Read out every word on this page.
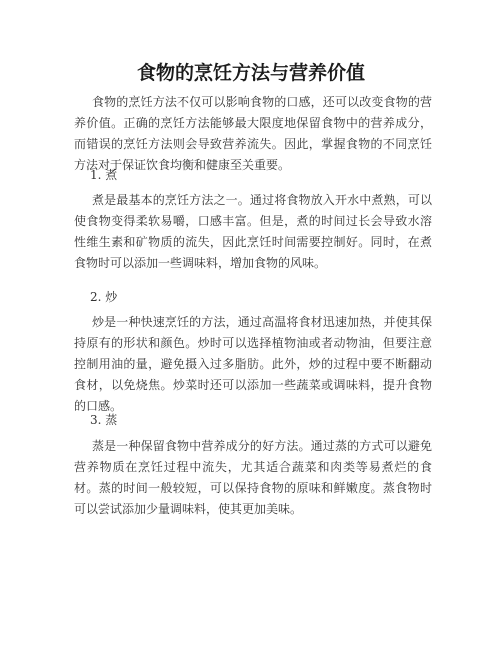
食物的烹饪方法与营养价值

食物的烹饪方法不仅可以影响食物的口感，还可以改变食物的营养价值。正确的烹饪方法能够最大限度地保留食物中的营养成分，而错误的烹饪方法则会导致营养流失。因此，掌握食物的不同烹饪方法对于保证饮食均衡和健康至关重要。

1. 煮

煮是最基本的烹饪方法之一。通过将食物放入开水中煮熟，可以使食物变得柔软易嚼，口感丰富。但是，煮的时间过长会导致水溶性维生素和矿物质的流失，因此烹饪时间需要控制好。同时，在煮食物时可以添加一些调味料，增加食物的风味。

2. 炒

炒是一种快速烹饪的方法，通过高温将食材迅速加热，并使其保持原有的形状和颜色。炒时可以选择植物油或者动物油，但要注意控制用油的量，避免摄入过多脂肪。此外，炒的过程中要不断翻动食材，以免烧焦。炒菜时还可以添加一些蔬菜或调味料，提升食物的口感。

3. 蒸

蒸是一种保留食物中营养成分的好方法。通过蒸的方式可以避免营养物质在烹饪过程中流失，尤其适合蔬菜和肉类等易煮烂的食材。蒸的时间一般较短，可以保持食物的原味和鲜嫩度。蒸食物时可以尝试添加少量调味料，使其更加美味。
